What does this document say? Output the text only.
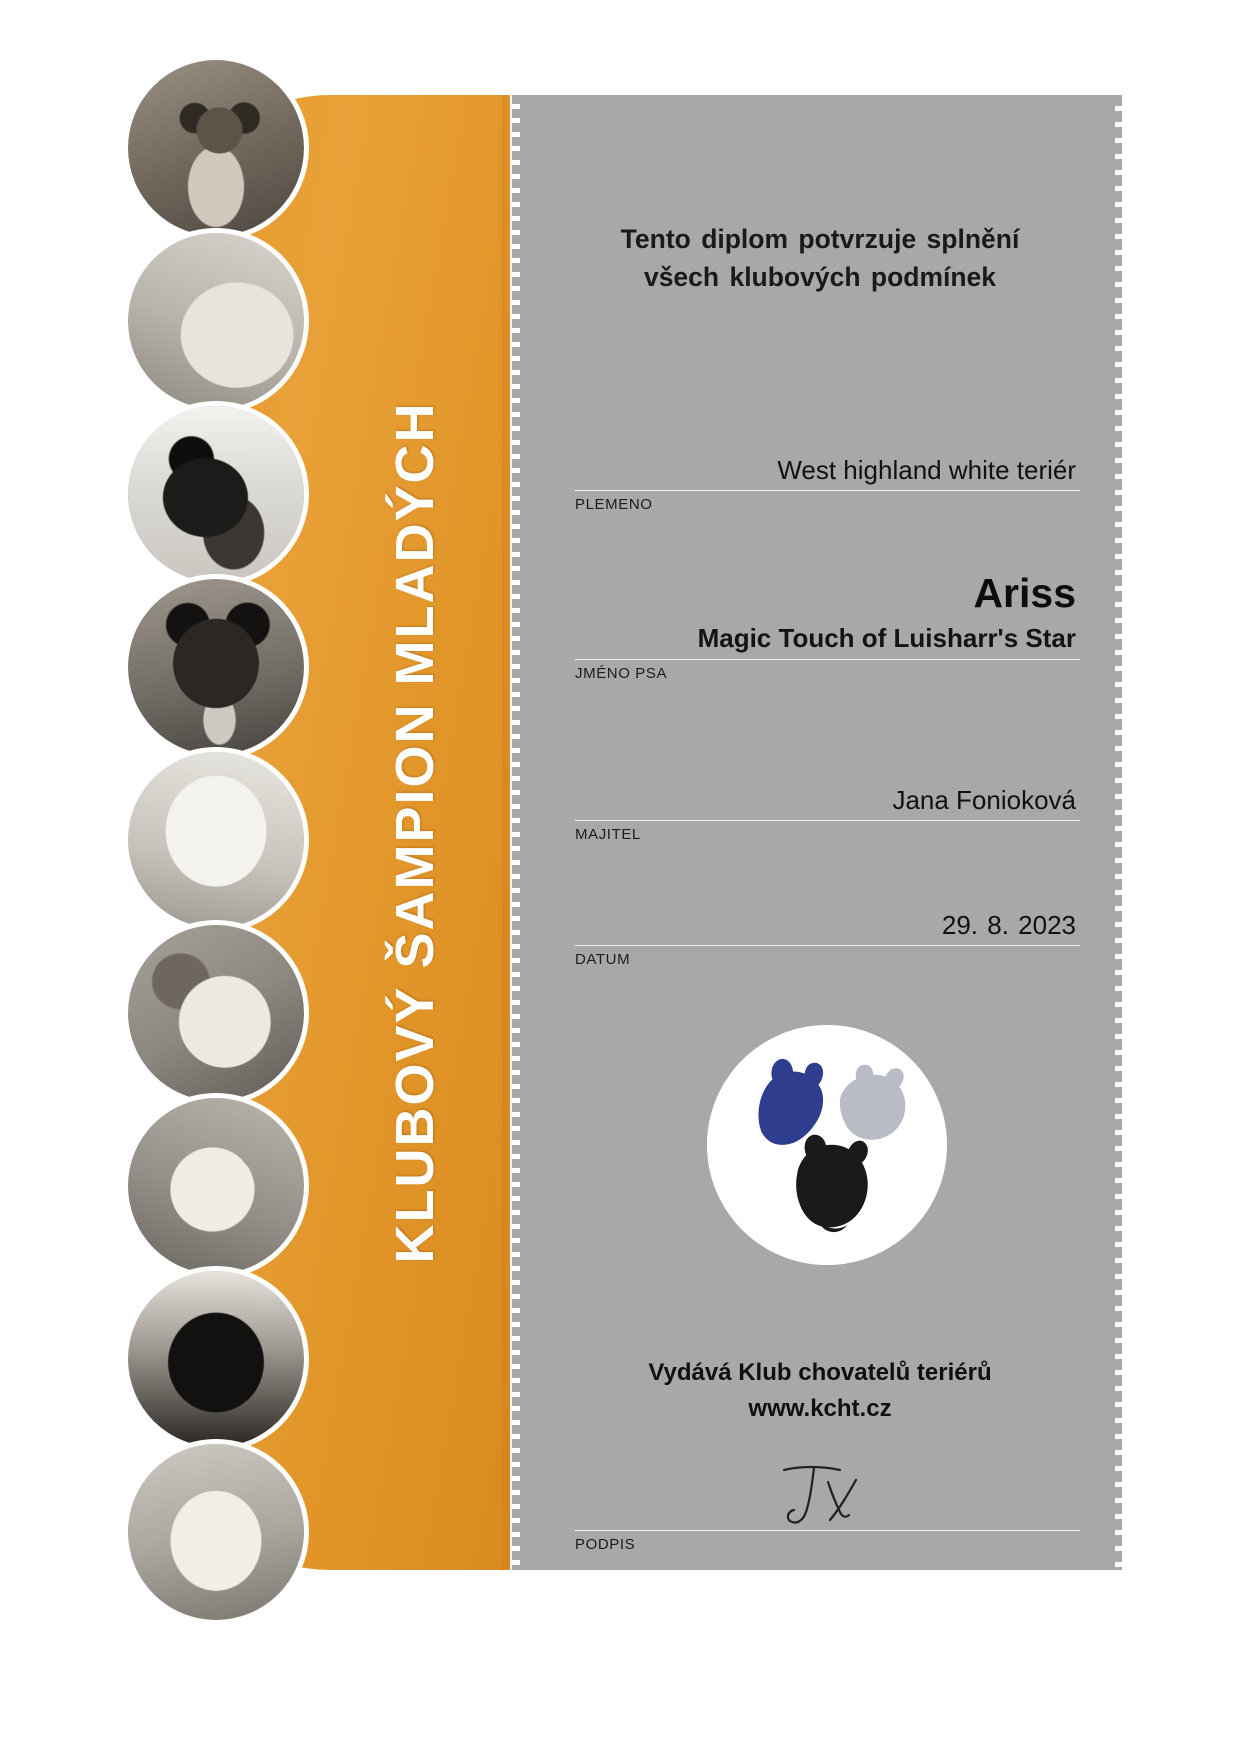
KLUBOVÝ ŠAMPION MLADÝCH
Tento diplom potvrzuje splnění
všech klubových podmínek
West highland white teriér
PLEMENO
Ariss
Magic Touch of Luisharr's Star
JMÉNO PSA
Jana Fonioková
MAJITEL
29. 8. 2023
DATUM
Vydává Klub chovatelů teriérů
www.kcht.cz
PODPIS
